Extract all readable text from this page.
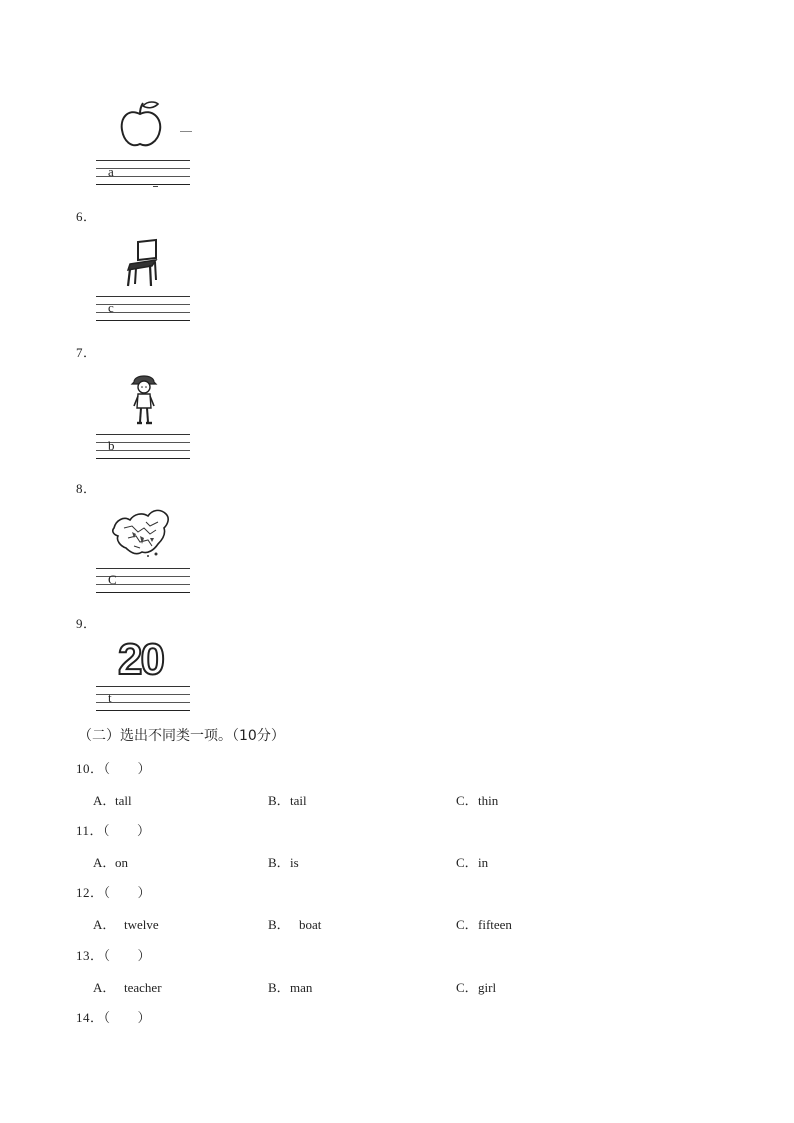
a
6．
c
7．
b
8．
C
9．
20
t
（二）选出不同类一项。（10分）
10．（　　）
A．tall	B．tail	C．thin
11．（　　）
A．on	B．is	C．in
12．（　　）
A． twelve	B． boat	C．fifteen
13．（　　）
A． teacher	B．man	C．girl
14．（　　）
